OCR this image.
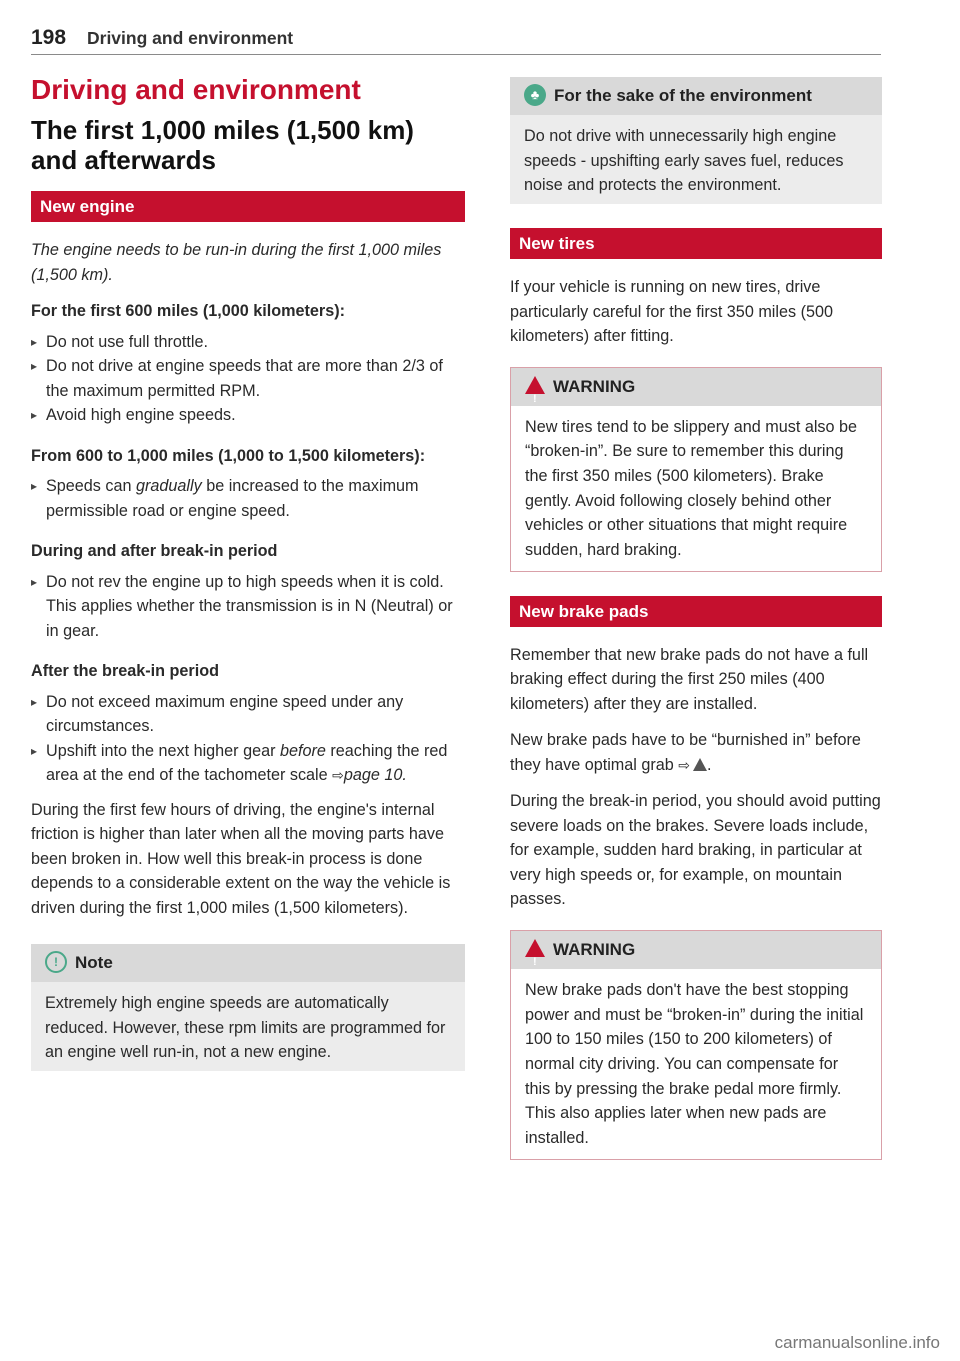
198 Driving and environment
Driving and environment
The first 1,000 miles (1,500 km) and afterwards
New engine

The engine needs to be run-in during the first 1,000 miles (1,500 km).

For the first 600 miles (1,000 kilometers):
▸ Do not use full throttle.
▸ Do not drive at engine speeds that are more than 2/3 of the maximum permitted RPM.
▸ Avoid high engine speeds.
From 600 to 1,000 miles (1,000 to 1,500 kilometers):
▸ Speeds can gradually be increased to the maximum permissible road or engine speed.
During and after break-in period
▸ Do not rev the engine up to high speeds when it is cold. This applies whether the transmission is in N (Neutral) or in gear.
After the break-in period
▸ Do not exceed maximum engine speed under any circumstances.
▸ Upshift into the next higher gear before reaching the red area at the end of the tachometer scale ⇨page 10.

During the first few hours of driving, the engine's internal friction is higher than later when all the moving parts have been broken in. How well this break-in process is done depends to a considerable extent on the way the vehicle is driven during the first 1,000 miles (1,500 kilometers).

! Note

Extremely high engine speeds are automatically reduced. However, these rpm limits are programmed for an engine well run-in, not a new engine.

♣ For the sake of the environment

Do not drive with unnecessarily high engine speeds - upshifting early saves fuel, reduces noise and protects the environment.

New tires

If your vehicle is running on new tires, drive particularly careful for the first 350 miles (500 kilometers) after fitting.

!WARNING

New tires tend to be slippery and must also be “broken-in”. Be sure to remember this during the first 350 miles (500 kilometers). Brake gently. Avoid following closely behind other vehicles or other situations that might require sudden, hard braking.

New brake pads

Remember that new brake pads do not have a full braking effect during the first 250 miles (400 kilometers) after they are installed.

New brake pads have to be “burnished in” before they have optimal grab ⇨ .

During the break-in period, you should avoid putting severe loads on the brakes. Severe loads include, for example, sudden hard braking, in particular at very high speeds or, for example, on mountain passes.

!WARNING

New brake pads don't have the best stopping power and must be “broken-in” during the initial 100 to 150 miles (150 to 200 kilometers) of normal city driving. You can compensate for this by pressing the brake pedal more firmly. This also applies later when new pads are installed.

carmanualsonline.info
